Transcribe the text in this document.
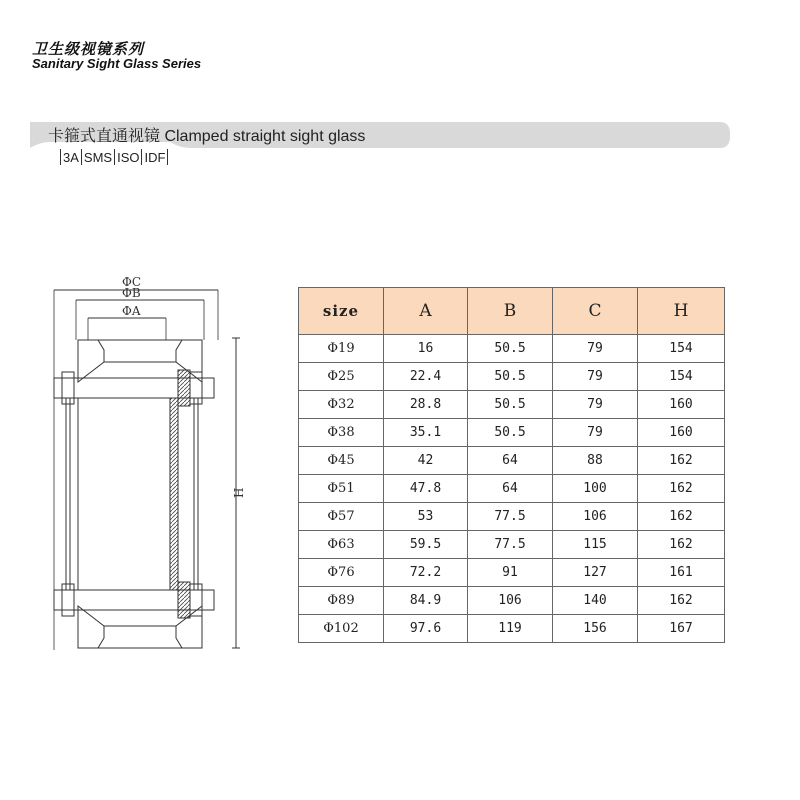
卫生级视镜系列
Sanitary Sight Glass Series
卡箍式直通视镜 Clamped straight sight glass
3A SMS ISO IDF
ΦC
ΦB
ΦA
H
size	A	B	C	H
Φ19	16	50.5	79	154
Φ25	22.4	50.5	79	154
Φ32	28.8	50.5	79	160
Φ38	35.1	50.5	79	160
Φ45	42	64	88	162
Φ51	47.8	64	100	162
Φ57	53	77.5	106	162
Φ63	59.5	77.5	115	162
Φ76	72.2	91	127	161
Φ89	84.9	106	140	162
Φ102	97.6	119	156	167
